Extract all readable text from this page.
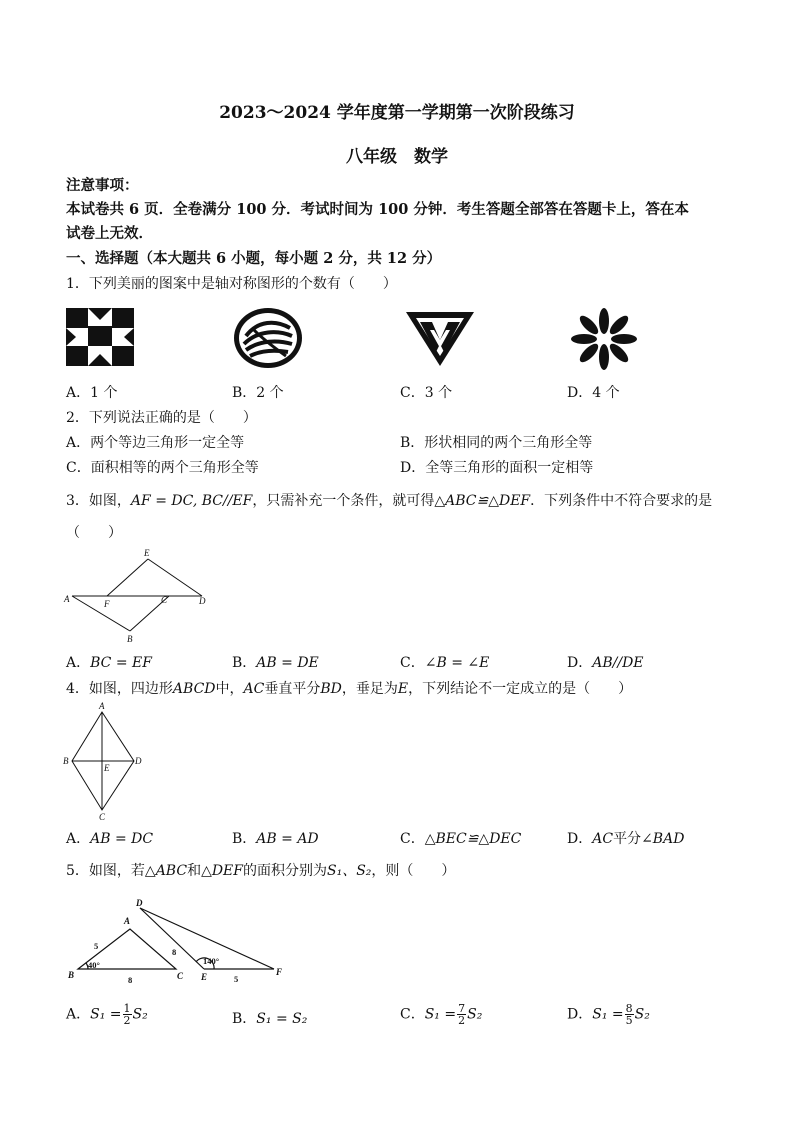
2023～2024 学年度第一学期第一次阶段练习
八年级　数学
注意事项：
本试卷共 6 页．全卷满分 100 分．考试时间为 100 分钟．考生答题全部答在答题卡上，答在本
试卷上无效．
一、选择题（本大题共 6 小题，每小题 2 分，共 12 分）
1．下列美丽的图案中是轴对称图形的个数有（　　）
A．1 个	B．2 个	C．3 个	D．4 个
2．下列说法正确的是（　　）
A．两个等边三角形一定全等	B．形状相同的两个三角形全等
C．面积相等的两个三角形全等	D．全等三角形的面积一定相等
3．如图，AF = DC, BC//EF，只需补充一个条件，就可得△ABC≌△DEF．下列条件中不符合要求的是
（　　）
E
A	F	C	D
B
A．BC = EF	B．AB = DE	C．∠B = ∠E	D．AB//DE
4．如图，四边形ABCD中，AC垂直平分BD，垂足为E，下列结论不一定成立的是（　　）
A
B
E
D
C
A．AB = DC	B．AB = AD	C．△BEC≌△DEC	D．AC平分∠BAD
5．如图，若△ABC和△DEF的面积分别为S₁、S₂，则（　　）
A
B	C
D
E	F
5
8
8
5
40°	140°
A．$S_1 = \frac{1}{2} S_2$	B．S₁ = S₂	C．$S_1 = \frac{7}{2} S_2$	D．$S_1 = \frac{8}{5} S_2$
